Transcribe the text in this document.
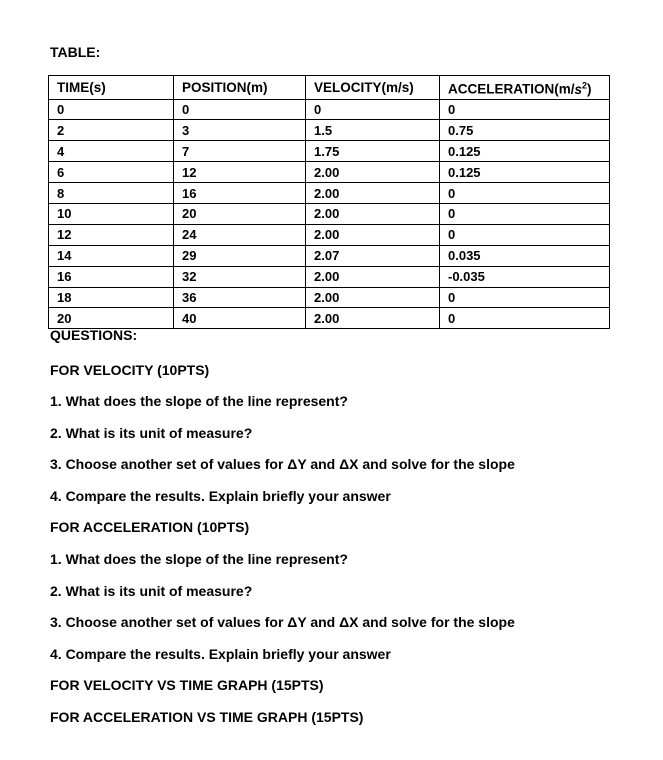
TABLE:
TIME(s)	POSITION(m)	VELOCITY(m/s)	$ACCELERATION(m/s^2)$
0	0	0	0
2	3	1.5	0.75
4	7	1.75	0.125
6	12	2.00	0.125
8	16	2.00	0
10	20	2.00	0
12	24	2.00	0
14	29	2.07	0.035
16	32	2.00	-0.035
18	36	2.00	0
20	40	2.00	0
QUESTIONS:
FOR VELOCITY (10PTS)
1. What does the slope of the line represent?
2. What is its unit of measure?
3. Choose another set of values for ΔY and ΔX and solve for the slope
4. Compare the results. Explain briefly your answer
FOR ACCELERATION (10PTS)
1. What does the slope of the line represent?
2. What is its unit of measure?
3. Choose another set of values for ΔY and ΔX and solve for the slope
4. Compare the results. Explain briefly your answer
FOR VELOCITY VS TIME GRAPH (15PTS)
FOR ACCELERATION VS TIME GRAPH (15PTS)
